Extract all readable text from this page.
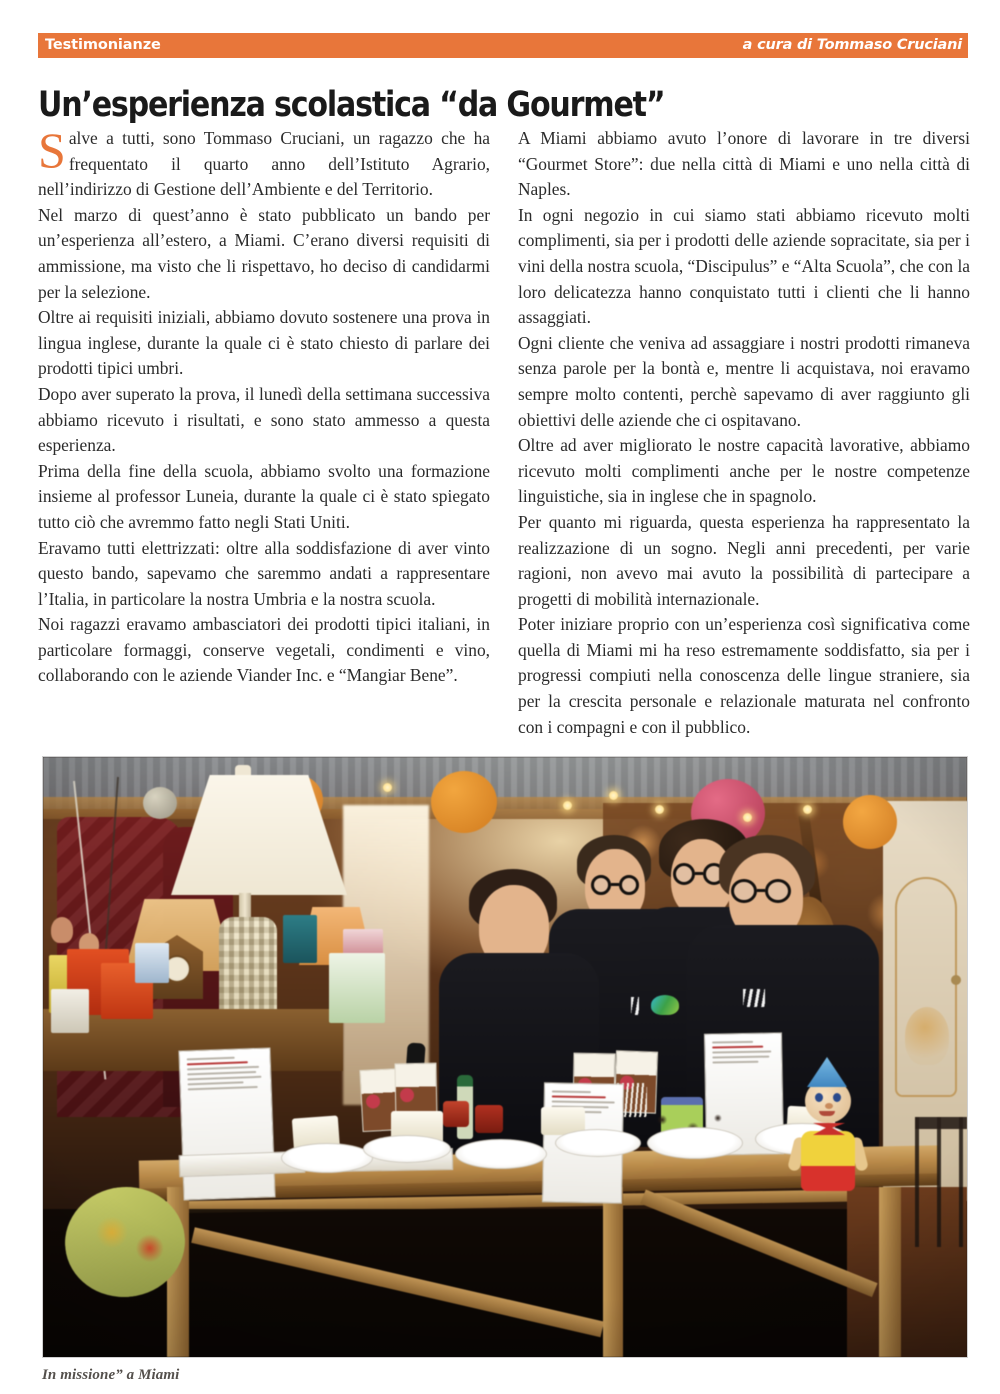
Testimonianze	a cura di Tommaso Cruciani
Un’esperienza scolastica “da Gourmet”

Salve a tutti, sono Tommaso Cruciani, un ragazzo che ha frequentato il quarto anno dell’Istituto Agrario, nell’indirizzo di Gestione dell’Ambiente e del Territorio.

Nel marzo di quest’anno è stato pubblicato un bando per un’esperienza all’estero, a Miami. C’erano diversi requisiti di ammissione, ma visto che li rispettavo, ho deciso di candidarmi per la selezione.

Oltre ai requisiti iniziali, abbiamo dovuto sostenere una prova in lingua inglese, durante la quale ci è stato chiesto di parlare dei prodotti tipici umbri.

Dopo aver superato la prova, il lunedì della settimana successiva abbiamo ricevuto i risultati, e sono stato ammesso a questa esperienza.

Prima della fine della scuola, abbiamo svolto una formazione insieme al professor Luneia, durante la quale ci è stato spiegato tutto ciò che avremmo fatto negli Stati Uniti.

Eravamo tutti elettrizzati: oltre alla soddisfazione di aver vinto questo bando, sapevamo che saremmo andati a rappresentare l’Italia, in particolare la nostra Umbria e la nostra scuola.

Noi ragazzi eravamo ambasciatori dei prodotti tipici italiani, in particolare formaggi, conserve vegetali, condimenti e vino, collaborando con le aziende Viander Inc. e “Mangiar Bene”.

A Miami abbiamo avuto l’onore di lavorare in tre diversi “Gourmet Store”: due nella città di Miami e uno nella città di Naples.

In ogni negozio in cui siamo stati abbiamo ricevuto molti complimenti, sia per i prodotti delle aziende sopracitate, sia per i vini della nostra scuola, “Discipulus” e “Alta Scuola”, che con la loro delicatezza hanno conquistato tutti i clienti che li hanno assaggiati.

Ogni cliente che veniva ad assaggiare i nostri prodotti rimaneva senza parole per la bontà e, mentre li acquistava, noi eravamo sempre molto contenti, perchè sapevamo di aver raggiunto gli obiettivi delle aziende che ci ospitavano.

Oltre ad aver migliorato le nostre capacità lavorative, abbiamo ricevuto molti complimenti anche per le nostre competenze linguistiche, sia in inglese che in spagnolo.

Per quanto mi riguarda, questa esperienza ha rappresentato la realizzazione di un sogno. Negli anni precedenti, per varie ragioni, non avevo mai avuto la possibilità di partecipare a progetti di mobilità internazionale.

Poter iniziare proprio con un’esperienza così significativa come quella di Miami mi ha reso estremamente soddisfatto, sia per i progressi compiuti nella conoscenza delle lingue straniere, sia per la crescita personale e relazionale maturata nel confronto con i compagni e con il pubblico.

In missione” a Miami
